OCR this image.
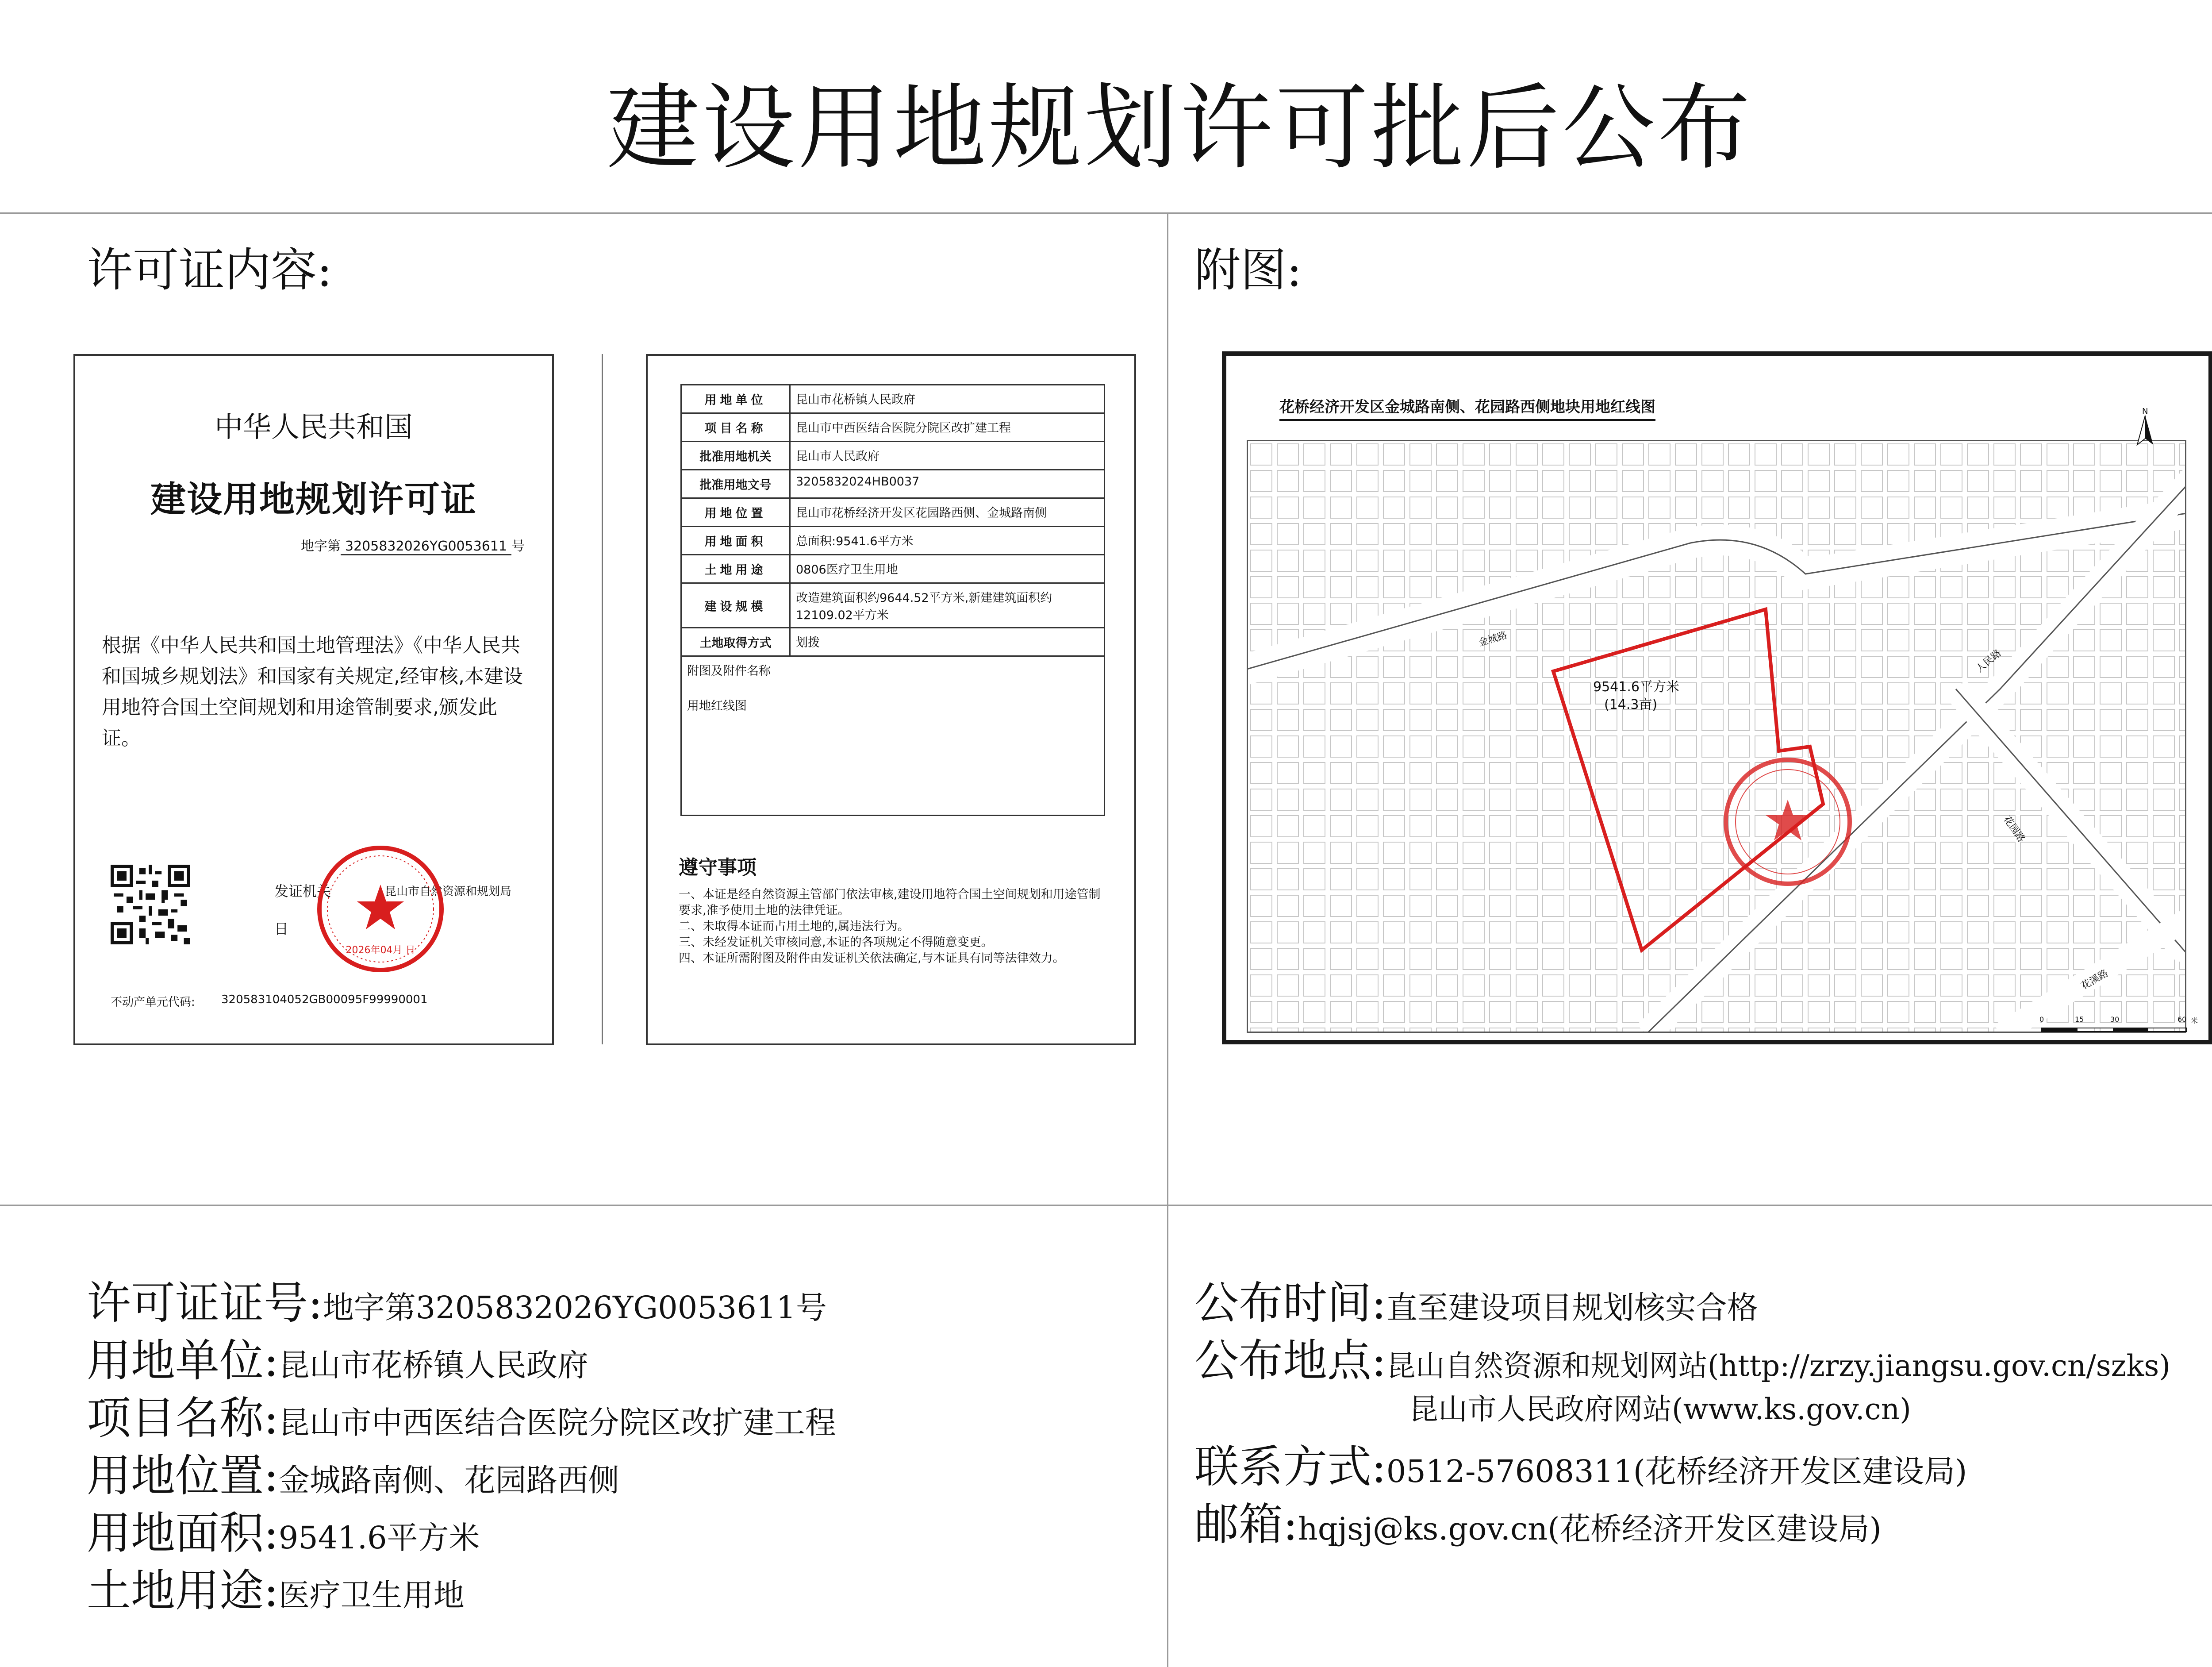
建设用地规划许可批后公布
许可证内容:	附图:
中华人民共和国
建设用地规划许可证
地字第 3205832026YG0053611 号
根据《中华人民共和国土地管理法》《中华人民共和国城乡规划法》和国家有关规定,经审核,本建设用地符合国土空间规划和用途管制要求,颁发此证。
发证机关	昆山市自然资源和规划局
日
不动产单元代码: 320583104052GB00095F99990001
2026年04月 日
用地单位	昆山市花桥镇人民政府
项目名称	昆山市中西医结合医院分院区改扩建工程
批准用地机关	昆山市人民政府
批准用地文号	3205832024HB0037
用地位置	昆山市花桥经济开发区花园路西侧、金城路南侧
用地面积	总面积:9541.6平方米
土地用途	0806医疗卫生用地
建设规模	改造建筑面积约9644.52平方米,新建建筑面积约12109.02平方米
土地取得方式	划拨

附图及附件名称
用地红线图	
遵守事项
一、本证是经自然资源主管部门依法审核,建设用地符合国土空间规划和用途管制要求,准予使用土地的法律凭证。
二、未取得本证而占用土地的,属违法行为。
三、未经发证机关审核同意,本证的各项规定不得随意变更。
四、本证所需附图及附件由发证机关依法确定,与本证具有同等法律效力。
花桥经济开发区金城路南侧、花园路西侧地块用地红线图
9541.6平方米
(14.3亩)
金城路
人民路
花园路
花溪路
N
0	15	30	60 米
许可证证号:地字第3205832026YG0053611号
用地单位:昆山市花桥镇人民政府
项目名称:昆山市中西医结合医院分院区改扩建工程
用地位置:金城路南侧、花园路西侧
用地面积:9541.6平方米
土地用途:医疗卫生用地
公布时间:直至建设项目规划核实合格
公布地点:昆山自然资源和规划网站(http://zrzy.jiangsu.gov.cn/szks)
昆山市人民政府网站(www.ks.gov.cn)
联系方式:0512-57608311(花桥经济开发区建设局)
邮箱:hqjsj@ks.gov.cn(花桥经济开发区建设局)
